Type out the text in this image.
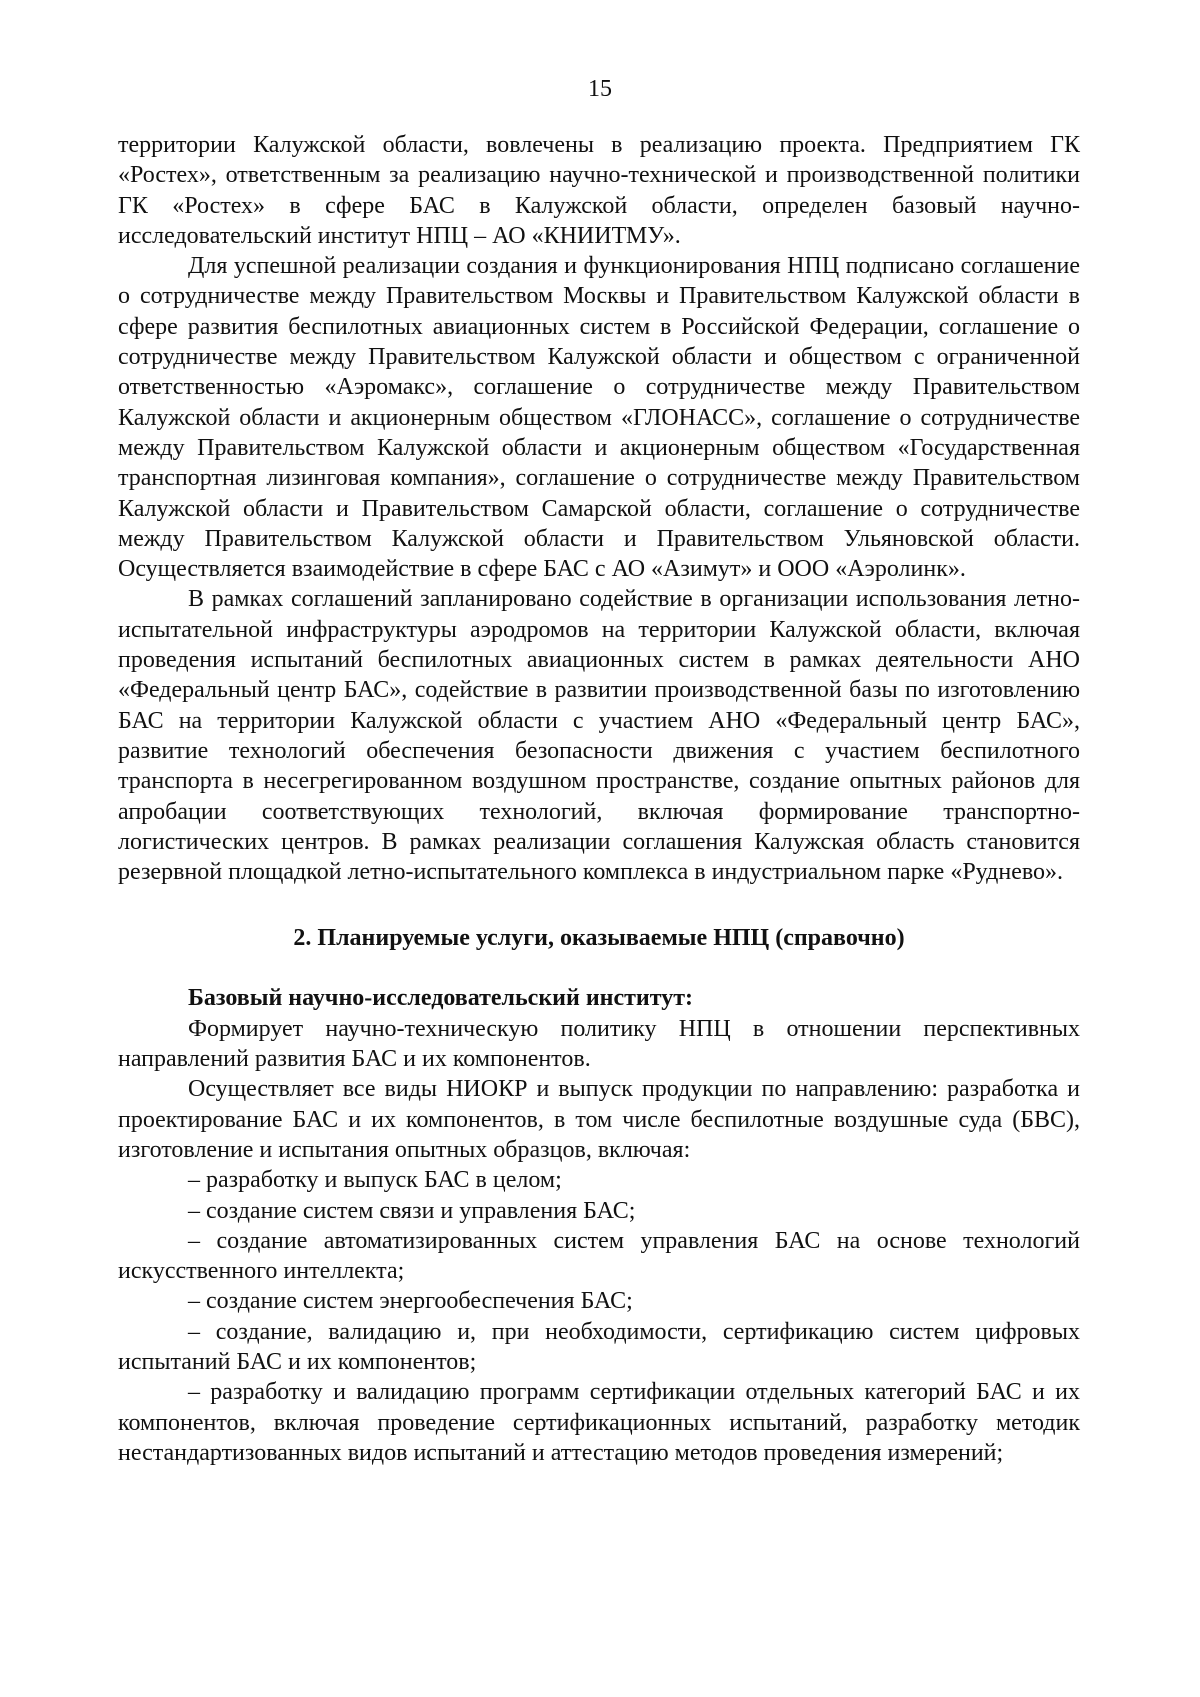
15

территории Калужской области, вовлечены в реализацию проекта. Предприятием ГК «Ростех», ответственным за реализацию научно-технической и производственной политики ГК «Ростех» в сфере БАС в Калужской области, определен базовый научно-исследовательский институт НПЦ – АО «КНИИТМУ».

Для успешной реализации создания и функционирования НПЦ подписано соглашение о сотрудничестве между Правительством Москвы и Правительством Калужской области в сфере развития беспилотных авиационных систем в Российской Федерации, соглашение о сотрудничестве между Правительством Калужской области и обществом с ограниченной ответственностью «Аэромакс», соглашение о сотрудничестве между Правительством Калужской области и акционерным обществом «ГЛОНАСС», соглашение о сотрудничестве между Правительством Калужской области и акционерным обществом «Государственная транспортная лизинговая компания», соглашение о сотрудничестве между Правительством Калужской области и Правительством Самарской области, соглашение о сотрудничестве между Правительством Калужской области и Правительством Ульяновской области. Осуществляется взаимодействие в сфере БАС с АО «Азимут» и ООО «Аэролинк».

В рамках соглашений запланировано содействие в организации использования летно-испытательной инфраструктуры аэродромов на территории Калужской области, включая проведения испытаний беспилотных авиационных систем в рамках деятельности АНО «Федеральный центр БАС», содействие в развитии производственной базы по изготовлению БАС на территории Калужской области с участием АНО «Федеральный центр БАС», развитие технологий обеспечения безопасности движения с участием беспилотного транспорта в несегрегированном воздушном пространстве, создание опытных районов для апробации соответствующих технологий, включая формирование транспортно-логистических центров. В рамках реализации соглашения Калужская область становится резервной площадкой летно-испытательного комплекса в индустриальном парке «Руднево».

2. Планируемые услуги, оказываемые НПЦ (справочно)

Базовый научно-исследовательский институт:

Формирует научно-техническую политику НПЦ в отношении перспективных направлений развития БАС и их компонентов.

Осуществляет все виды НИОКР и выпуск продукции по направлению: разработка и проектирование БАС и их компонентов, в том числе беспилотные воздушные суда (БВС), изготовление и испытания опытных образцов, включая:

– разработку и выпуск БАС в целом;
– создание систем связи и управления БАС;
– создание автоматизированных систем управления БАС на основе технологий искусственного интеллекта;
– создание систем энергообеспечения БАС;
– создание, валидацию и, при необходимости, сертификацию систем цифровых испытаний БАС и их компонентов;
– разработку и валидацию программ сертификации отдельных категорий БАС и их компонентов, включая проведение сертификационных испытаний, разработку методик нестандартизованных видов испытаний и аттестацию методов проведения измерений;
